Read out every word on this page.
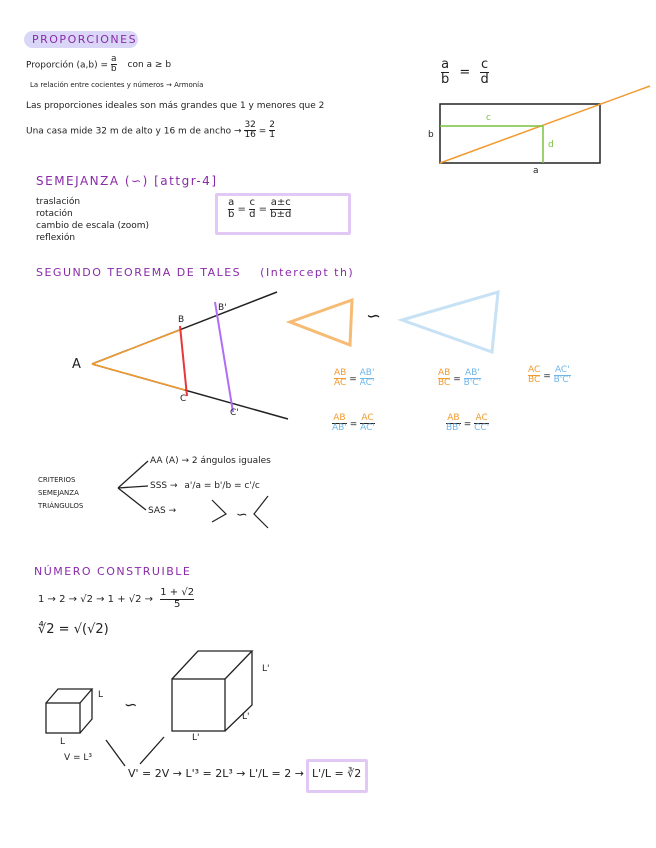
PROPORCIONES
Proporción $(a,b) = \frac{a}{b}$ con a ≥ b
La relación entre cocientes y números → Armonía
Las proporciones ideales son más grandes que 1 y menores que 2
Una casa mide 32 m de alto y 16 m de ancho → $\frac{32}{16} = \frac{2}{1}$
$\frac{a}{b} = \frac{c}{d}$
b
c
d
a
SEMEJANZA (∽) [attgr-4]
traslación
rotación
cambio de escala (zoom)
reflexión
$\frac{a}{b} = \frac{c}{d} = \frac{a\pm c}{b\pm d}$
SEGUNDO TEOREMA DE TALES (Intercept th)
A
B
B'
C
C'
∽
$\frac{AB}{AC} = \frac{AB'}{AC'}$	$\frac{AB}{BC} = \frac{AB'}{B'C'}$	$\frac{AC}{BC} = \frac{AC'}{B'C'}$
$\frac{AB}{AB'} = \frac{AC}{AC'}$	$\frac{AB}{BB'} = \frac{AC}{CC'}$
CRITERIOS
SEMEJANZA
TRIÁNGULOS
AA (A) → 2 ángulos iguales
SSS → a'/a = b'/b = c'/c
SAS →	∽
NÚMERO CONSTRUIBLE
$1 \to 2 \to √2 \to 1 + √2 \to \frac{1 + √2}{5}$
∜2 = √(√2)
L
L
L'
L'
L'
∽
V = L³
V' = 2V → L'³ = 2L³ → L'/L = 2 → L'/L = ∛2
